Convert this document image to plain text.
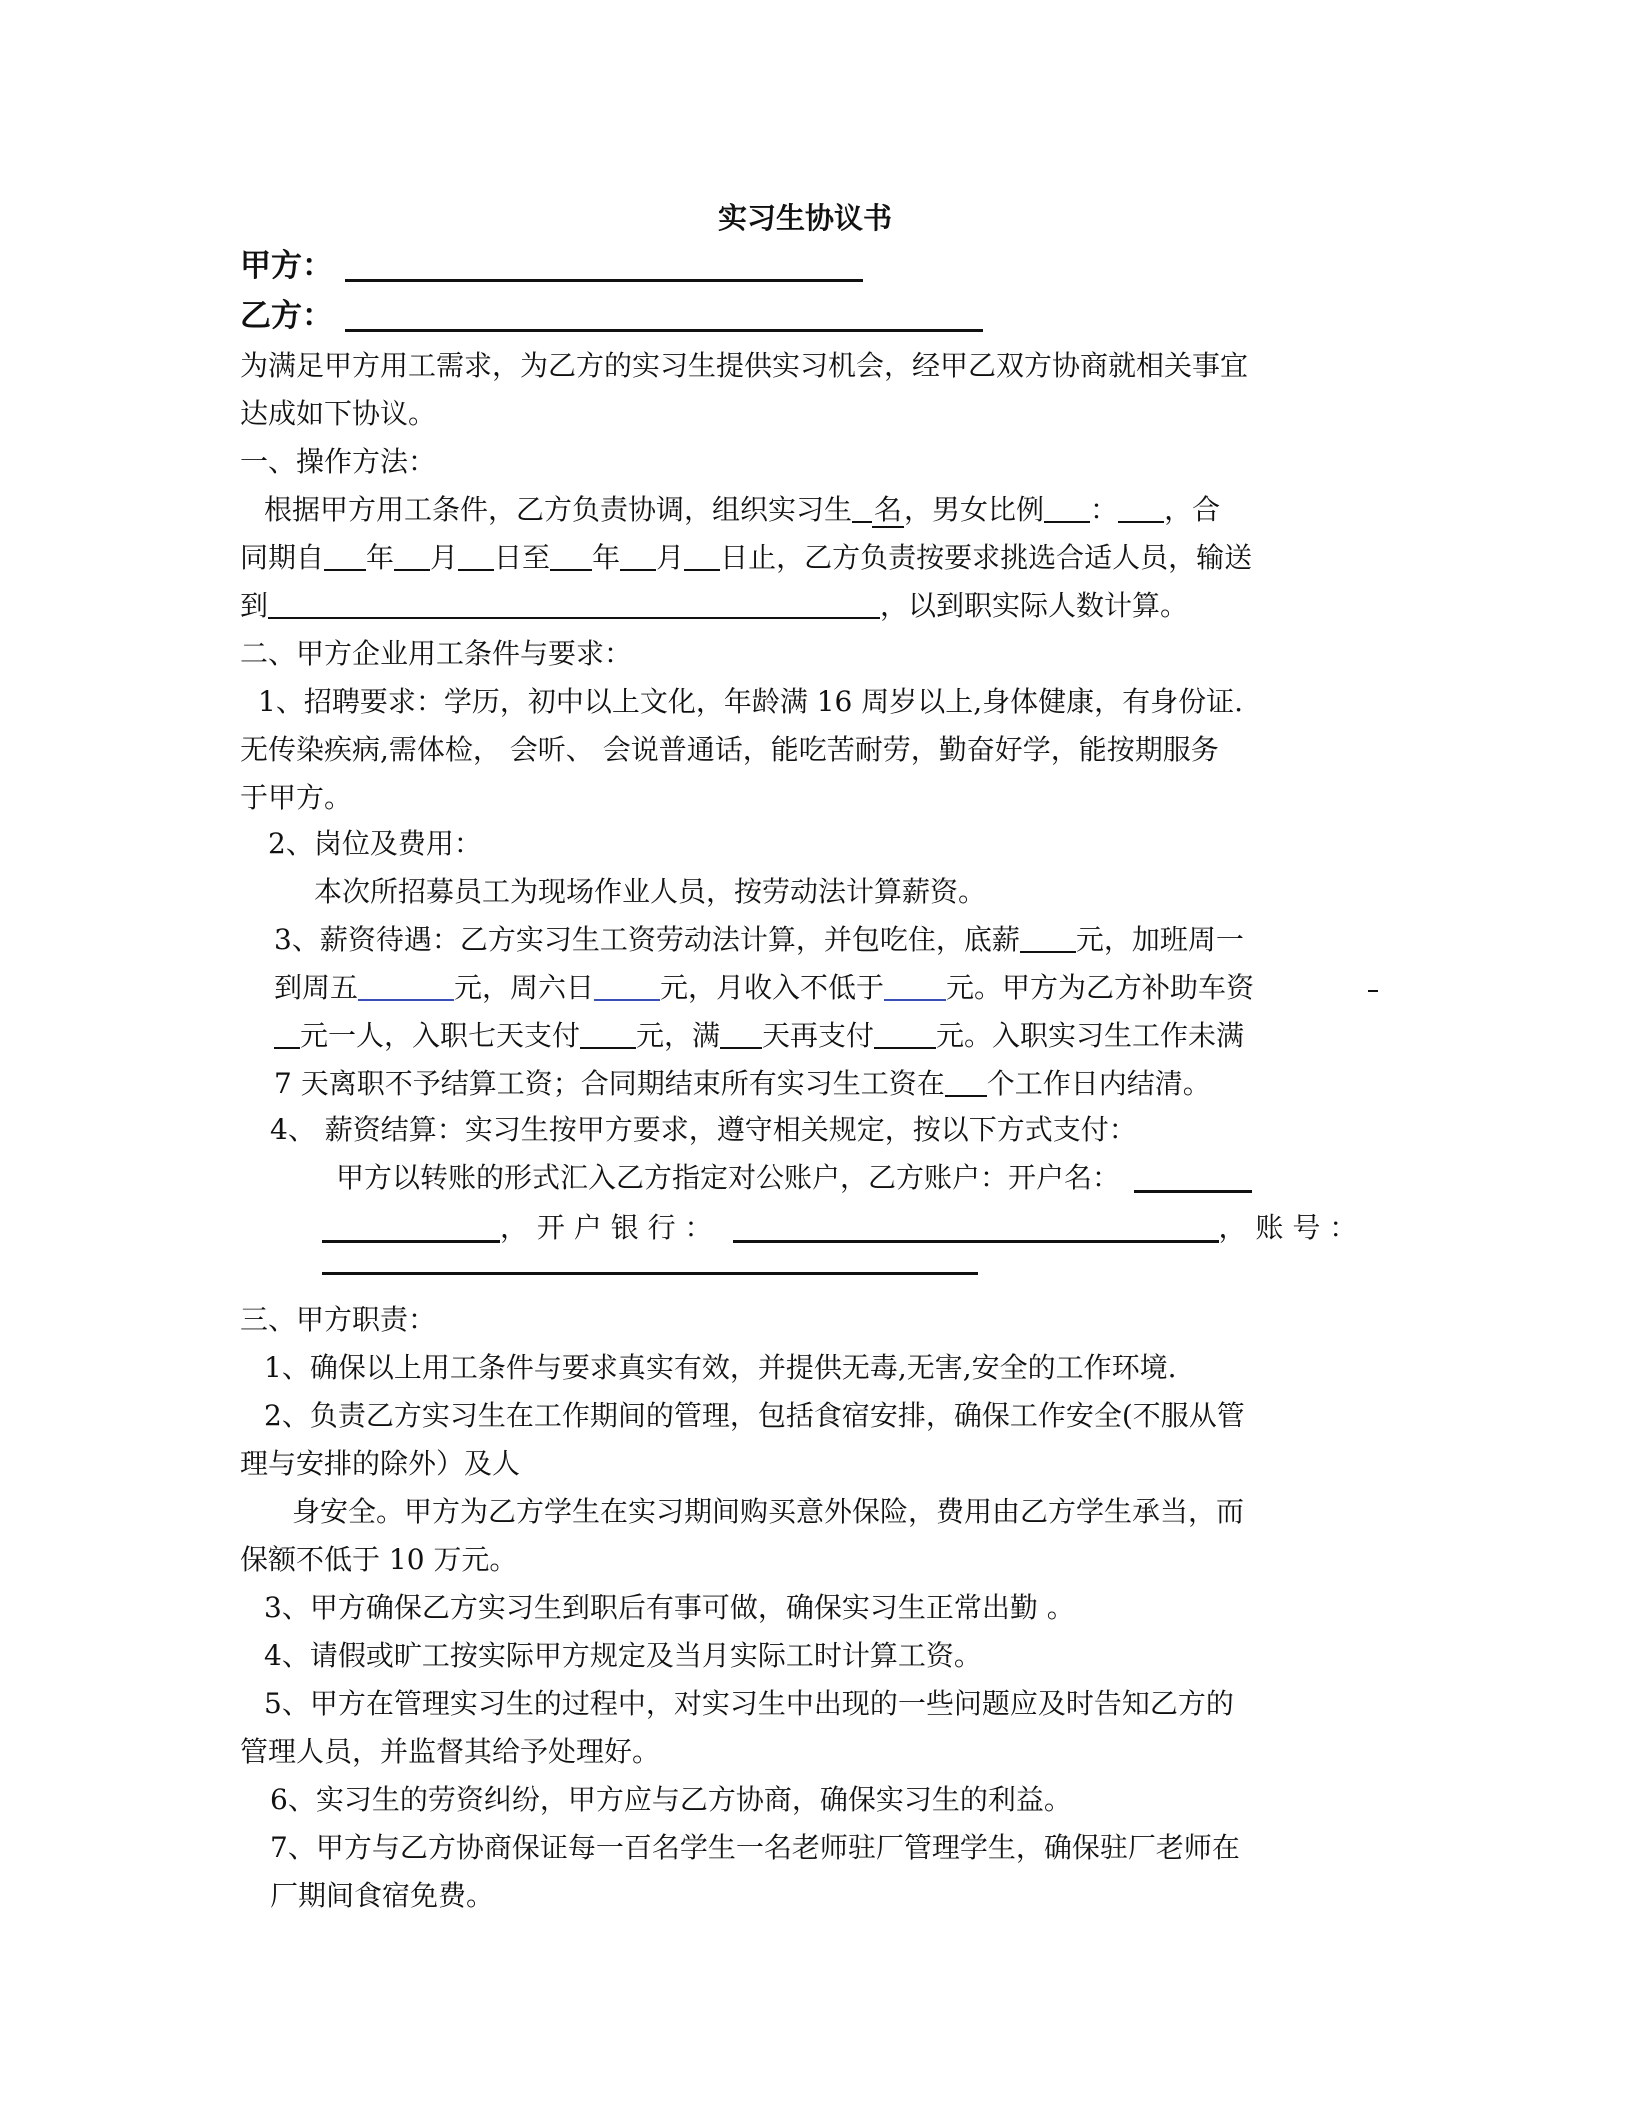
实习生协议书
甲方：
乙方：
为满足甲方用工需求，为乙方的实习生提供实习机会，经甲乙双方协商就相关事宜
达成如下协议。
一、操作方法：
根据甲方用工条件，乙方负责协调，组织实习生 名，男女比例 ： ，合
同期自 年 月 日至 年 月 日止，乙方负责按要求挑选合适人员，输送
到	，以到职实际人数计算。
二、甲方企业用工条件与要求：
1、招聘要求：学历，初中以上文化，年龄满 16 周岁以上,身体健康，有身份证.
无传染疾病,需体检， 会听、 会说普通话，能吃苦耐劳，勤奋好学，能按期服务
于甲方。
2、岗位及费用：
本次所招募员工为现场作业人员，按劳动法计算薪资。
3、薪资待遇：乙方实习生工资劳动法计算，并包吃住，底薪 元，加班周一
到周五	元，周六日 元，月收入不低于 元。甲方为乙方补助车资
元一人，入职七天支付 元，满 天再支付 元。入职实习生工作未满
7 天离职不予结算工资；合同期结束所有实习生工资在 个工作日内结清。
4、 薪资结算：实习生按甲方要求，遵守相关规定，按以下方式支付：
甲方以转账的形式汇入乙方指定对公账户，乙方账户：开户名：
， 开 户 银 行 ：	， 账 号 ：
三、甲方职责：
1、确保以上用工条件与要求真实有效，并提供无毒,无害,安全的工作环境.
2、负责乙方实习生在工作期间的管理，包括食宿安排，确保工作安全(不服从管
理与安排的除外）及人
身安全。甲方为乙方学生在实习期间购买意外保险，费用由乙方学生承当，而
保额不低于 10 万元。
3、甲方确保乙方实习生到职后有事可做，确保实习生正常出勤 。
4、请假或旷工按实际甲方规定及当月实际工时计算工资。
5、甲方在管理实习生的过程中，对实习生中出现的一些问题应及时告知乙方的
管理人员，并监督其给予处理好。
6、实习生的劳资纠纷，甲方应与乙方协商，确保实习生的利益。
7、甲方与乙方协商保证每一百名学生一名老师驻厂管理学生，确保驻厂老师在
厂期间食宿免费。
